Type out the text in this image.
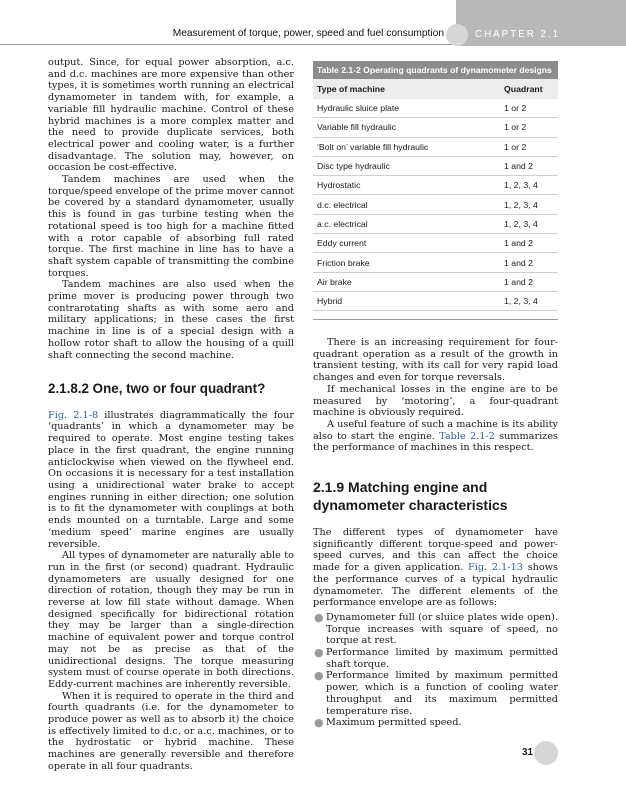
Measurement of torque, power, speed and fuel consumption	CHAPTER 2.1

output. Since, for equal power absorption, a.c. and d.c. machines are more expensive than other types, it is sometimes worth running an electrical dynamometer in tandem with, for example, a variable fill hydraulic machine. Control of these hybrid machines is a more complex matter and the need to provide duplicate services, both electrical power and cooling water, is a further disadvantage. The solution may, however, on occasion be cost-effective.

Tandem machines are used when the torque/speed envelope of the prime mover cannot be covered by a standard dynamometer, usually this is found in gas turbine testing when the rotational speed is too high for a machine fitted with a rotor capable of absorbing full rated torque. The first machine in line has to have a shaft system capable of transmitting the combine torques.

Tandem machines are also used when the prime mover is producing power through two contrarotating shafts as with some aero and military applications; in these cases the first machine in line is of a special design with a hollow rotor shaft to allow the housing of a quill shaft connecting the second machine.

2.1.8.2 One, two or four quadrant?

Fig. 2.1-8 illustrates diagrammatically the four ‘quadrants’ in which a dynamometer may be required to operate. Most engine testing takes place in the first quadrant, the engine running anticlockwise when viewed on the flywheel end. On occasions it is necessary for a test installation using a unidirectional water brake to accept engines running in either direction; one solution is to fit the dynamometer with couplings at both ends mounted on a turntable. Large and some ‘medium speed’ marine engines are usually reversible.

All types of dynamometer are naturally able to run in the first (or second) quadrant. Hydraulic dynamometers are usually designed for one direction of rotation, though they may be run in reverse at low fill state without damage. When designed specifically for bidirectional rotation they may be larger than a single-direction machine of equivalent power and torque control may not be as precise as that of the unidirectional designs. The torque measuring system must of course operate in both directions. Eddy-current machines are inherently reversible.

When it is required to operate in the third and fourth quadrants (i.e. for the dynamometer to produce power as well as to absorb it) the choice is effectively limited to d.c. or a.c. machines, or to the hydrostatic or hybrid machine. These machines are generally reversible and therefore operate in all four quadrants.

Table 2.1-2 Operating quadrants of dynamometer designs
Type of machine	Quadrant
Hydraulic sluice plate	1 or 2
Variable fill hydraulic	1 or 2
‘Bolt on’ variable fill hydraulic	1 or 2
Disc type hydraulic	1 and 2
Hydrostatic	1, 2, 3, 4
d.c. electrical	1, 2, 3, 4
a.c. electrical	1, 2, 3, 4
Eddy current	1 and 2
Friction brake	1 and 2
Air brake	1 and 2
Hybrid	1, 2, 3, 4

There is an increasing requirement for four-quadrant operation as a result of the growth in transient testing, with its call for very rapid load changes and even for torque reversals.

If mechanical losses in the engine are to be measured by ‘motoring’, a four-quadrant machine is obviously required.

A useful feature of such a machine is its ability also to start the engine. Table 2.1-2 summarizes the performance of machines in this respect.

2.1.9 Matching engine and dynamometer characteristics

The different types of dynamometer have significantly different torque-speed and power-speed curves, and this can affect the choice made for a given application. Fig. 2.1-13 shows the performance curves of a typical hydraulic dynamometer. The different elements of the performance envelope are as follows:

● Dynamometer full (or sluice plates wide open). Torque increases with square of speed, no torque at rest.
● Performance limited by maximum permitted shaft torque.
● Performance limited by maximum permitted power, which is a function of cooling water throughput and its maximum permitted temperature rise.
● Maximum permitted speed.
31
